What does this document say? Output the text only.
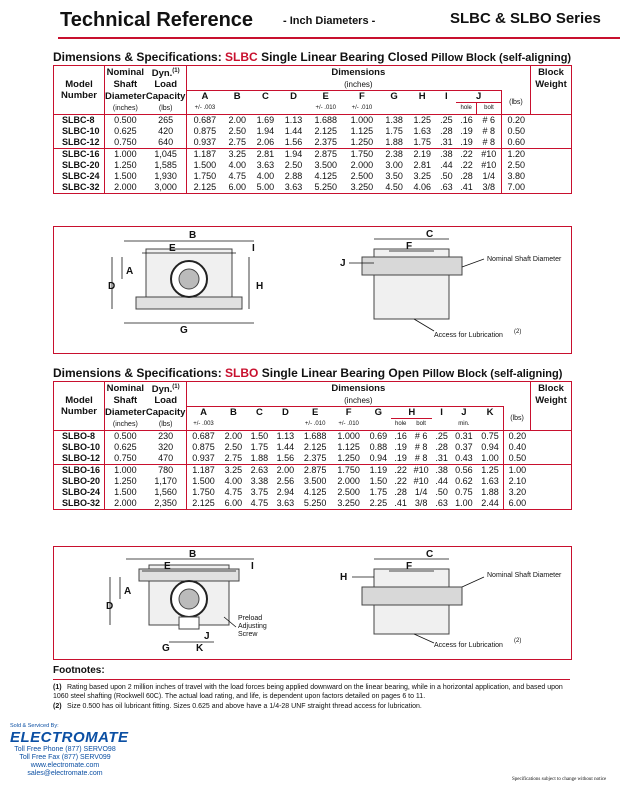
Technical Reference	- Inch Diameters -	SLBC & SLBO Series
Dimensions & Specifications: SLBC Single Linear Bearing Closed Pillow Block (self-aligning)
Model Number	Nominal	Dyn.$^{(1)}$	Dimensions												Block
	Shaft	Load	(inches)												Weight
	Diameter	Capacity	A	B	C	D	E	F	G	H	I	J		(lbs)	
	(inches)	(lbs)	+/- .003				+/- .010	+/- .010				hole	bolt		
SLBC-8	0.500	265	0.687	2.00	1.69	1.13	1.688	1.000	1.38	1.25	.25	.16	# 6	0.20	
SLBC-10	0.625	420	0.875	2.50	1.94	1.44	2.125	1.125	1.75	1.63	.28	.19	# 8	0.50	
SLBC-12	0.750	640	0.937	2.75	2.06	1.56	2.375	1.250	1.88	1.75	.31	.19	# 8	0.60	
SLBC-16	1.000	1,045	1.187	3.25	2.81	1.94	2.875	1.750	2.38	2.19	.38	.22	#10	1.20	
SLBC-20	1.250	1,585	1.500	4.00	3.63	2.50	3.500	2.000	3.00	2.81	.44	.22	#10	2.50	
SLBC-24	1.500	1,930	1.750	4.75	4.00	2.88	4.125	2.500	3.50	3.25	.50	.28	1/4	3.80	
SLBC-32	2.000	3,000	2.125	6.00	5.00	3.63	5.250	3.250	4.50	4.06	.63	.41	3/8	7.00	
B
E	I
A
D	H
G
C
F
J	Nominal Shaft Diameter
Access for Lubrication (2)
Dimensions & Specifications: SLBO Single Linear Bearing Open Pillow Block (self-aligning)
Model Number	Nominal	Dyn.$^{(1)}$	Dimensions													Block
	Shaft	Load	(inches)													Weight
	Diameter	Capacity	A	B	C	D	E	F	G	H		I	J	K	(lbs)	
	(inches)	(lbs)	+/- .003				+/- .010	+/- .010		hole	bolt		min.			
SLBO-8	0.500	230	0.687	2.00	1.50	1.13	1.688	1.000	0.69	.16	# 6	.25	0.31	0.75	0.20	
SLBO-10	0.625	320	0.875	2.50	1.75	1.44	2.125	1.125	0.88	.19	# 8	.28	0.37	0.94	0.40	
SLBO-12	0.750	470	0.937	2.75	1.88	1.56	2.375	1.250	0.94	.19	# 8	.31	0.43	1.00	0.50	
SLBO-16	1.000	780	1.187	3.25	2.63	2.00	2.875	1.750	1.19	.22	#10	.38	0.56	1.25	1.00	
SLBO-20	1.250	1,170	1.500	4.00	3.38	2.56	3.500	2.000	1.50	.22	#10	.44	0.62	1.63	2.10	
SLBO-24	1.500	1,560	1.750	4.75	3.75	2.94	4.125	2.500	1.75	.28	1/4	.50	0.75	1.88	3.20	
SLBO-32	2.000	2,350	2.125	6.00	4.75	3.63	5.250	3.250	2.25	.41	3/8	.63	1.00	2.44	6.00	
B
E	I
A
D
J
G	K
Preload
Adjusting
Screw
C
F
H	Nominal Shaft Diameter
Access for Lubrication
(2)
Footnotes:
(1) Rating based upon 2 million inches of travel with the load forces being applied downward on the linear bearing, while in a horizontal application, and based upon 1060 steel shafting (Rockwell 60C). The actual load rating, and life, is dependent upon factors detailed on pages 6 to 11.
(2) Size 0.500 has oil lubricant fitting. Sizes 0.625 and above have a 1/4-28 UNF straight thread access for lubrication.
Sold & Serviced By:
ELECTROMATE
Toll Free Phone (877) SERVO98
Toll Free Fax (877) SERV099
www.electromate.com
sales@electromate.com
Specifications subject to change without notice
